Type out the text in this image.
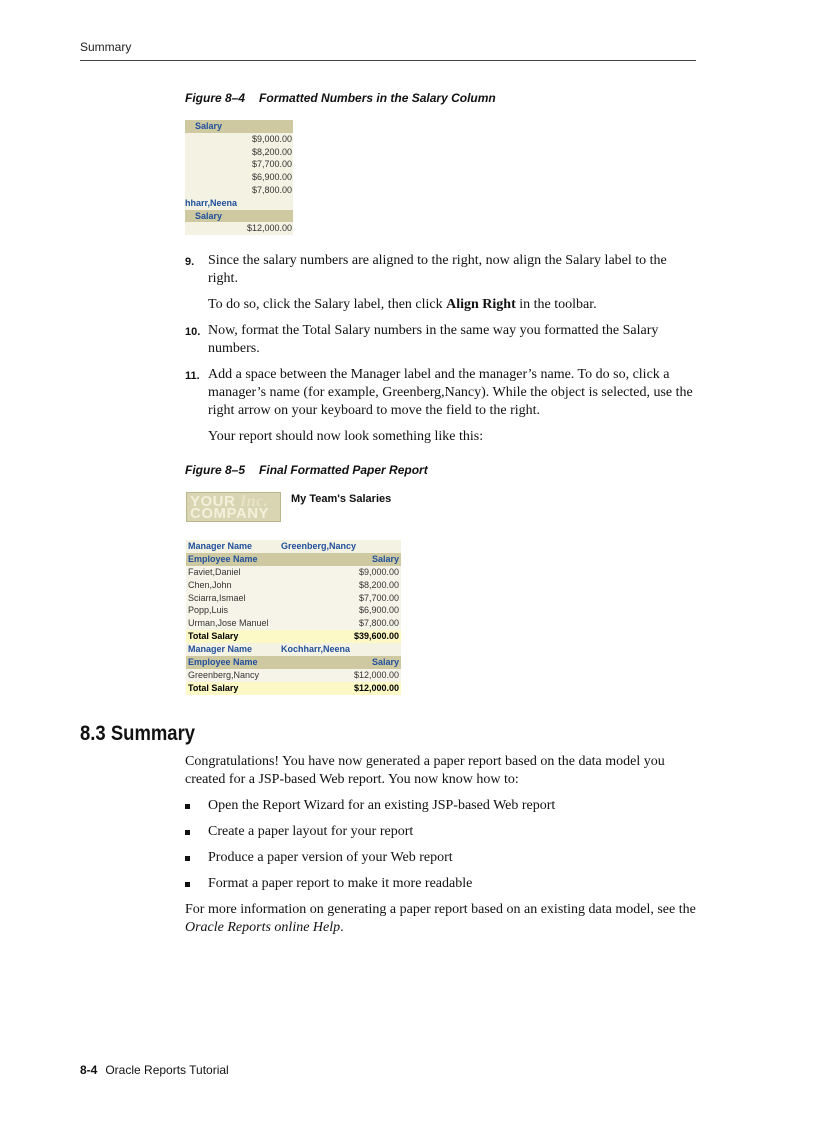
Summary
Figure 8–4 Formatted Numbers in the Salary Column
Salary
$9,000.00
$8,200.00
$7,700.00
$6,900.00
$7,800.00
hharr,Neena
Salary
$12,000.00
9. Since the salary numbers are aligned to the right, now align the Salary label to the right.

To do so, click the Salary label, then click Align Right in the toolbar.

10. Now, format the Total Salary numbers in the same way you formatted the Salary numbers.

11. Add a space between the Manager label and the manager’s name. To do so, click a manager’s name (for example, Greenberg,Nancy). While the object is selected, use the right arrow on your keyboard to move the field to the right.

Your report should now look something like this:

Figure 8–5 Final Formatted Paper Report
YOUR Inc.
COMPANY
My Team's Salaries
Manager Name	Greenberg,Nancy
Employee Name	Salary
Faviet,Daniel	$9,000.00
Chen,John	$8,200.00
Sciarra,Ismael	$7,700.00
Popp,Luis	$6,900.00
Urman,Jose Manuel	$7,800.00
Total Salary	$39,600.00
Manager Name	Kochharr,Neena
Employee Name	Salary
Greenberg,Nancy	$12,000.00
Total Salary	$12,000.00
8.3 Summary

Congratulations! You have now generated a paper report based on the data model you created for a JSP-based Web report. You now know how to:

Open the Report Wizard for an existing JSP-based Web report
Create a paper layout for your report
Produce a paper version of your Web report
Format a paper report to make it more readable

For more information on generating a paper report based on an existing data model, see the Oracle Reports online Help.

8-4 Oracle Reports Tutorial
